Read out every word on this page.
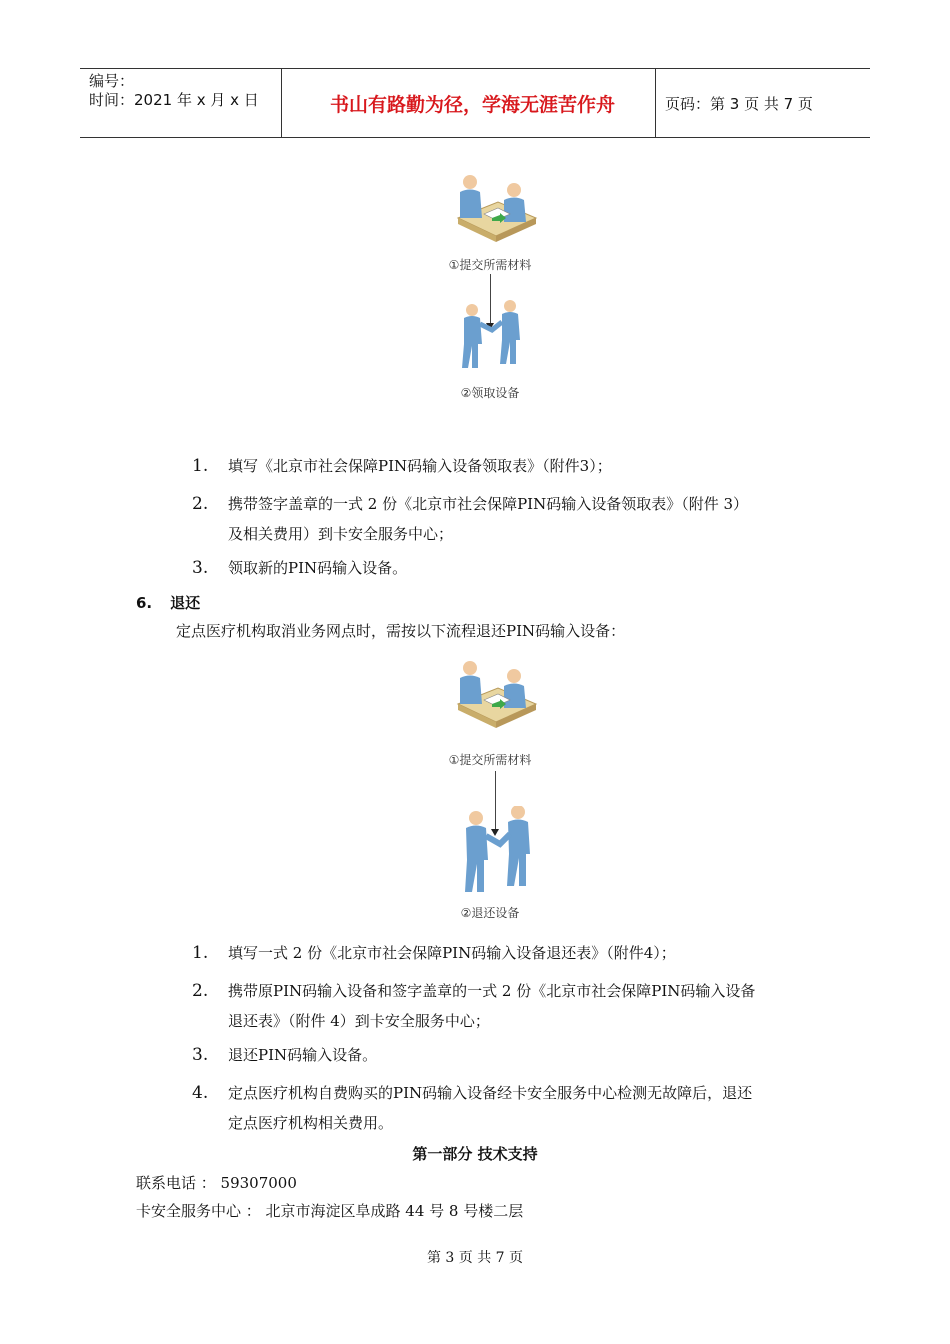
编号：
时间：2021 年 x 月 x 日	书山有路勤为径，学海无涯苦作舟	页码：第 3 页 共 7 页
①提交所需材料
②领取设备
1. 填写《北京市社会保障PIN码输入设备领取表》（附件3）；
2. 携带签字盖章的一式 2 份《北京市社会保障PIN码输入设备领取表》（附件 3）
及相关费用）到卡安全服务中心；
3. 领取新的PIN码输入设备。
6. 退还
定点医疗机构取消业务网点时，需按以下流程退还PIN码输入设备：
①提交所需材料
②退还设备
1. 填写一式 2 份《北京市社会保障PIN码输入设备退还表》（附件4）；
2. 携带原PIN码输入设备和签字盖章的一式 2 份《北京市社会保障PIN码输入设备
退还表》（附件 4）到卡安全服务中心；
3. 退还PIN码输入设备。
4. 定点医疗机构自费购买的PIN码输入设备经卡安全服务中心检测无故障后，退还
定点医疗机构相关费用。
第一部分 技术支持
联系电话 ： 59307000
卡安全服务中心 ： 北京市海淀区阜成路 44 号 8 号楼二层
第 3 页 共 7 页
